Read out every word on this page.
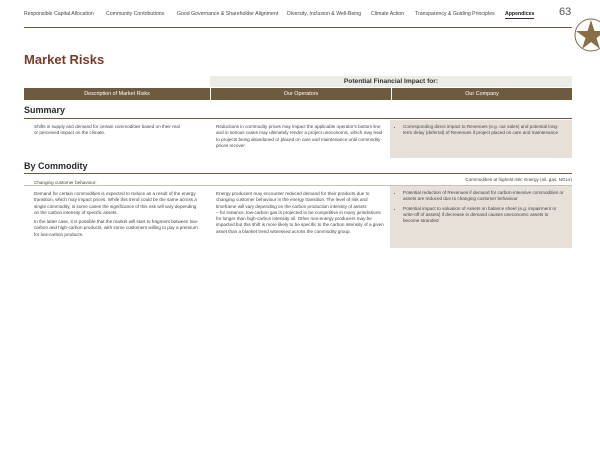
Responsible Capital Allocation Community Contributions Good Governance & Shareholder Alignment Diversity, Inclusion & Well-Being Climate Action Transparency & Guiding Principles Appendices 63
Market Risks
Potential Financial Impact for:
Description of Market Risks	Our Operators	Our Company
Summary
Shifts in supply and demand for certain commodities based on their real or perceived impact on the climate.
Reductions in commodity prices may impact the applicable operator's bottom line and in serious cases may ultimately render a project uneconomic, which may lead to projects being abandoned or placed on care and maintenance until commodity prices recover.
• Corresponding direct impact to Revenues (e.g. our sales) and potential long-term delay (deferral) of Revenues if project placed on care and maintenance
By Commodity
Changing customer behaviour:
Commodities at highest risk: Energy (oil, gas, NGLs)

Demand for certain commodities is expected to reduce as a result of the energy transition, which may impact prices. While this trend could be the same across a single commodity, in some cases the significance of this risk will vary depending on the carbon intensity of specific assets.

In the latter case, it is possible that the market will start to fragment between low-carbon and high-carbon products, with some customers willing to pay a premium for low-carbon products.

Energy producers may encounter reduced demand for their products due to changing customer behaviour in the energy transition. The level of risk and timeframe will vary depending on the carbon production intensity of assets

– for instance, low-carbon gas is projected to be competitive in many jurisdictions for longer than high-carbon intensity oil. Other non-energy producers may be impacted but this shift is more likely to be specific to the carbon intensity of a given asset than a blanket trend witnessed across the commodity group.

• Potential reduction of Revenues if demand for carbon-intensive commodities or assets are reduced due to changing customer behaviour
• Potential impact to valuation of Assets on balance sheet (e.g. impairment or write-off of assets) if decrease in demand causes uneconomic assets to become stranded
